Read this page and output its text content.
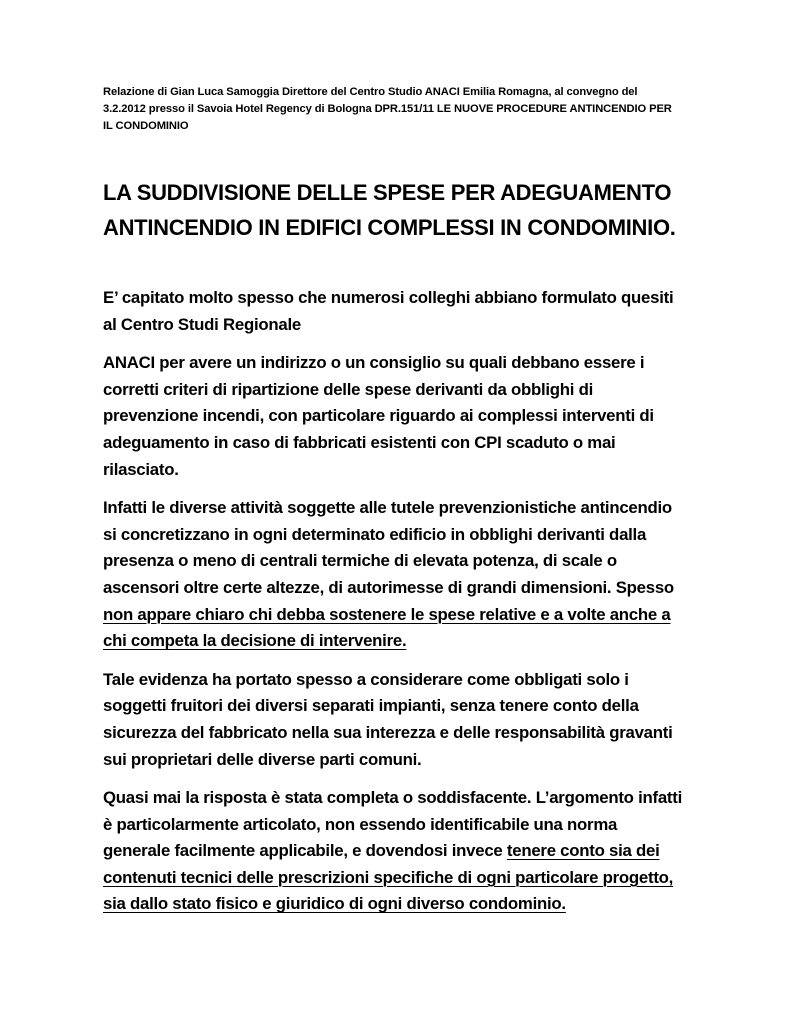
Relazione di Gian Luca Samoggia Direttore del Centro Studio ANACI Emilia Romagna, al convegno del 3.2.2012 presso il Savoia Hotel Regency di Bologna DPR.151/11 LE NUOVE PROCEDURE ANTINCENDIO PER IL CONDOMINIO
LA SUDDIVISIONE DELLE SPESE PER ADEGUAMENTO
ANTINCENDIO IN EDIFICI COMPLESSI IN CONDOMINIO.

E’ capitato molto spesso che numerosi colleghi abbiano formulato quesiti al Centro Studi Regionale

ANACI per avere un indirizzo o un consiglio su quali debbano essere i corretti criteri di ripartizione delle spese derivanti da obblighi di prevenzione incendi, con particolare riguardo ai complessi interventi di adeguamento in caso di fabbricati esistenti con CPI scaduto o mai rilasciato.

Infatti le diverse attività soggette alle tutele prevenzionistiche antincendio si concretizzano in ogni determinato edificio in obblighi derivanti dalla presenza o meno di centrali termiche di elevata potenza, di scale o ascensori oltre certe altezze, di autorimesse di grandi dimensioni. Spesso non appare chiaro chi debba sostenere le spese relative e a volte anche a chi competa la decisione di intervenire.

Tale evidenza ha portato spesso a considerare come obbligati solo i soggetti fruitori dei diversi separati impianti, senza tenere conto della sicurezza del fabbricato nella sua interezza e delle responsabilità gravanti sui proprietari delle diverse parti comuni.

Quasi mai la risposta è stata completa o soddisfacente. L’argomento infatti è particolarmente articolato, non essendo identificabile una norma generale facilmente applicabile, e dovendosi invece tenere conto sia dei contenuti tecnici delle prescrizioni specifiche di ogni particolare progetto, sia dallo stato fisico e giuridico di ogni diverso condominio.
